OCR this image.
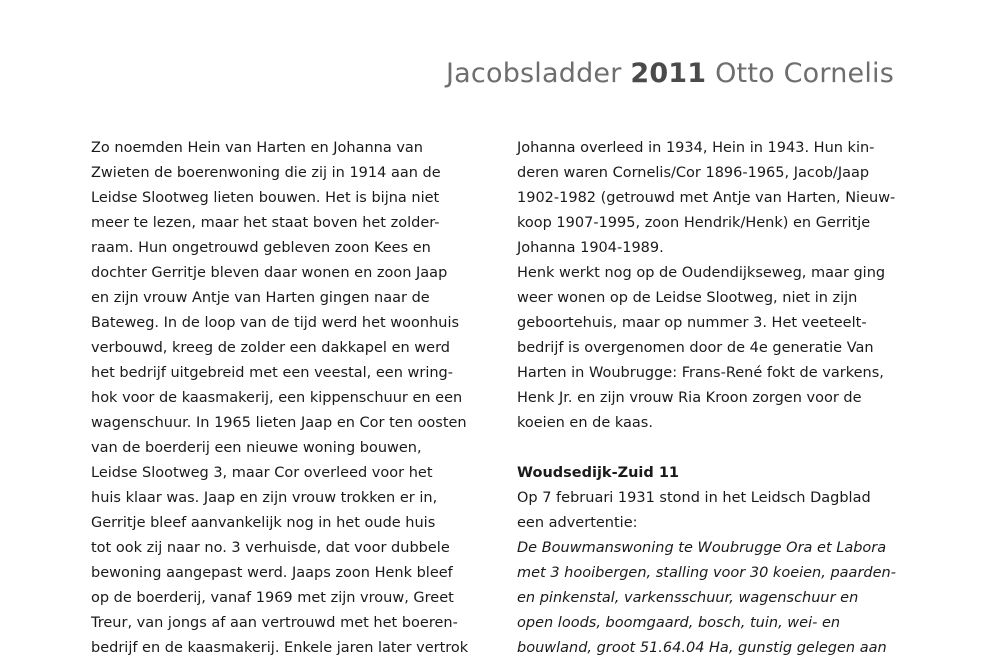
Jacobsladder 2011 Otto Cornelis
Zo noemden Hein van Harten en Johanna van
Zwieten de boerenwoning die zij in 1914 aan de
Leidse Slootweg lieten bouwen. Het is bijna niet
meer te lezen, maar het staat boven het zolder-
raam. Hun ongetrouwd gebleven zoon Kees en
dochter Gerritje bleven daar wonen en zoon Jaap
en zijn vrouw Antje van Harten gingen naar de
Bateweg. In de loop van de tijd werd het woonhuis
verbouwd, kreeg de zolder een dakkapel en werd
het bedrijf uitgebreid met een veestal, een wring-
hok voor de kaasmakerij, een kippenschuur en een
wagenschuur. In 1965 lieten Jaap en Cor ten oosten
van de boerderij een nieuwe woning bouwen,
Leidse Slootweg 3, maar Cor overleed voor het
huis klaar was. Jaap en zijn vrouw trokken er in,
Gerritje bleef aanvankelijk nog in het oude huis
tot ook zij naar no. 3 verhuisde, dat voor dubbele
bewoning aangepast werd. Jaaps zoon Henk bleef
op de boerderij, vanaf 1969 met zijn vrouw, Greet
Treur, van jongs af aan vertrouwd met het boeren-
bedrijf en de kaasmakerij. Enkele jaren later vertrok
Johanna overleed in 1934, Hein in 1943. Hun kin-
deren waren Cornelis/Cor 1896-1965, Jacob/Jaap
1902-1982 (getrouwd met Antje van Harten, Nieuw-
koop 1907-1995, zoon Hendrik/Henk) en Gerritje
Johanna 1904-1989.
Henk werkt nog op de Oudendijkseweg, maar ging
weer wonen op de Leidse Slootweg, niet in zijn
geboortehuis, maar op nummer 3. Het veeteelt-
bedrijf is overgenomen door de 4e generatie Van
Harten in Woubrugge: Frans-René fokt de varkens,
Henk Jr. en zijn vrouw Ria Kroon zorgen voor de
koeien en de kaas.
Woudsedijk-Zuid 11
Op 7 februari 1931 stond in het Leidsch Dagblad
een advertentie:
De Bouwmanswoning te Woubrugge Ora et Labora
met 3 hooibergen, stalling voor 30 koeien, paarden-
en pinkenstal, varkensschuur, wagenschuur en
open loods, boomgaard, bosch, tuin, wei- en
bouwland, groot 51.64.04 Ha, gunstig gelegen aan
